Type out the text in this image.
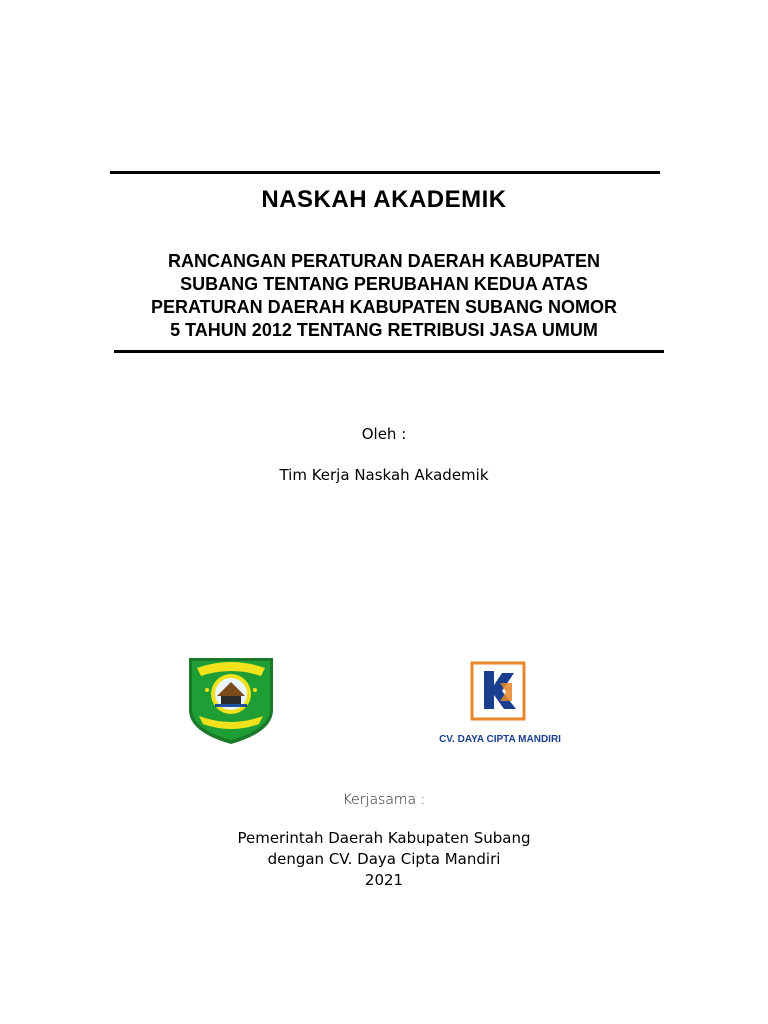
NASKAH AKADEMIK
RANCANGAN PERATURAN DAERAH KABUPATEN
SUBANG TENTANG PERUBAHAN KEDUA ATAS
PERATURAN DAERAH KABUPATEN SUBANG NOMOR
5 TAHUN 2012 TENTANG RETRIBUSI JASA UMUM
Oleh :
Tim Kerja Naskah Akademik
CV. DAYA CIPTA MANDIRI
Kerjasama :
Pemerintah Daerah Kabupaten Subang
dengan CV. Daya Cipta Mandiri
2021
